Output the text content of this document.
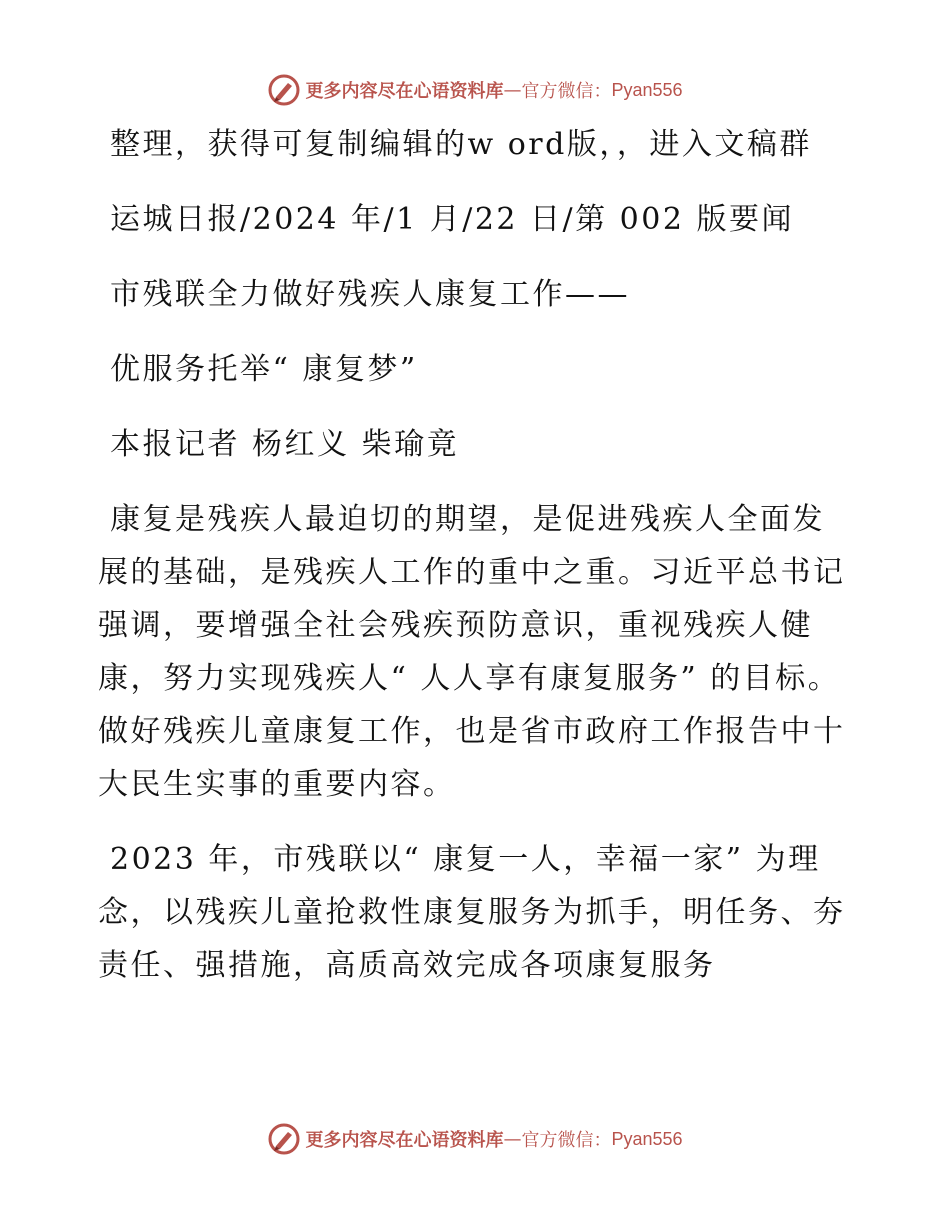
更多内容尽在心语资料库 — 官方微信： Pyan556

整理，获得可复制编辑的w ord版，，进入文稿群

运城日报/2024 年/1 月/22 日/第 002 版要闻

市残联全力做好残疾人康复工作——

优服务托举“ 康复梦”

本报记者 杨红义 柴瑜竟

康复是残疾人最迫切的期望，是促进残疾人全面发展的基础，是残疾人工作的重中之重。习近平总书记强调，要增强全社会残疾预防意识，重视残疾人健康，努力实现残疾人“ 人人享有康复服务” 的目标。做好残疾儿童康复工作，也是省市政府工作报告中十大民生实事的重要内容。

2023 年，市残联以“ 康复一人，幸福一家” 为理念，以残疾儿童抢救性康复服务为抓手，明任务、夯责任、强措施，高质高效完成各项康复服务

更多内容尽在心语资料库 — 官方微信： Pyan556
